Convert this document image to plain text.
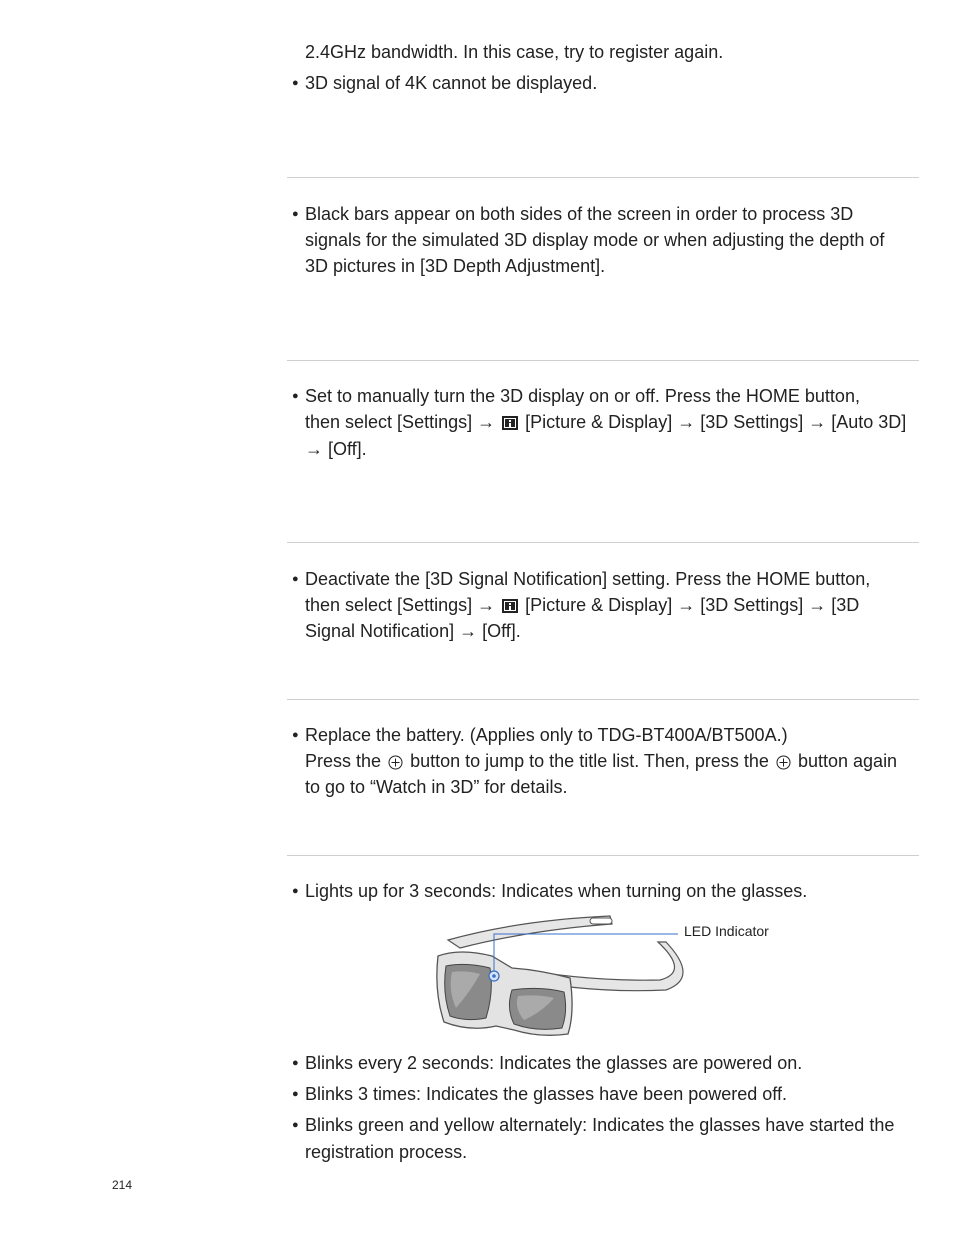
2.4GHz bandwidth. In this case, try to register again.
● 3D signal of 4K cannot be displayed.
● Black bars appear on both sides of the screen in order to process 3D
signals for the simulated 3D display mode or when adjusting the depth of
3D pictures in [3D Depth Adjustment].
● Set to manually turn the 3D display on or off. Press the HOME button,
then select [Settings] → [Picture & Display] → [3D Settings] → [Auto 3D]
→ [Off].
● Deactivate the [3D Signal Notification] setting. Press the HOME button,
then select [Settings] → [Picture & Display] → [3D Settings] → [3D
Signal Notification] → [Off].
● Replace the battery. (Applies only to TDG-BT400A/BT500A.)
Press the button to jump to the title list. Then, press the button again
to go to “Watch in 3D” for details.
● Lights up for 3 seconds: Indicates when turning on the glasses.
LED Indicator
● Blinks every 2 seconds: Indicates the glasses are powered on.
● Blinks 3 times: Indicates the glasses have been powered off.
● Blinks green and yellow alternately: Indicates the glasses have started the
registration process.
214
